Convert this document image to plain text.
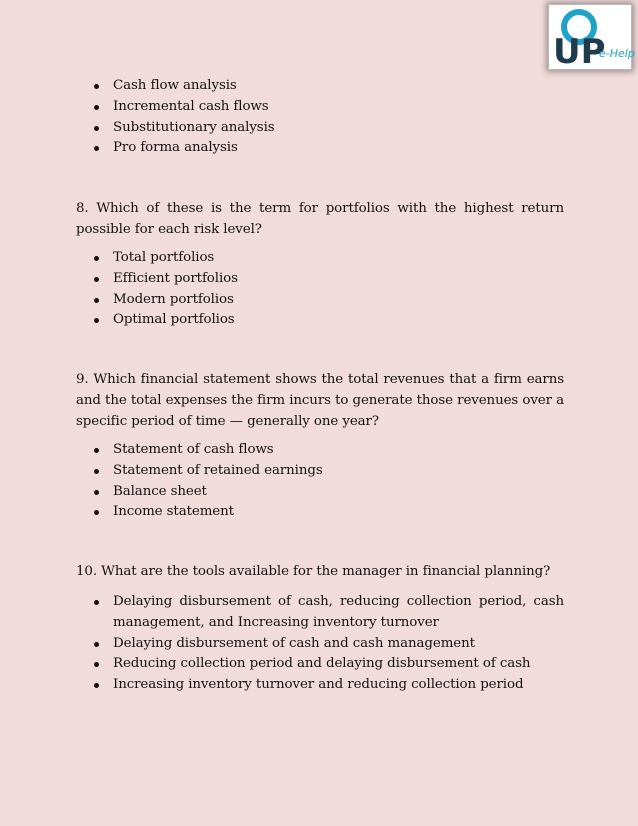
UP
e-Help
Cash flow analysis
Incremental cash flows
Substitutionary analysis
Pro forma analysis

8. Which of these is the term for portfolios with the highest return possible for each risk level?

Total portfolios
Efficient portfolios
Modern portfolios
Optimal portfolios

9. Which financial statement shows the total revenues that a firm earns and the total expenses the firm incurs to generate those revenues over a specific period of time — generally one year?

Statement of cash flows
Statement of retained earnings
Balance sheet
Income statement

10. What are the tools available for the manager in financial planning?

Delaying disbursement of cash, reducing collection period, cash management, and Increasing inventory turnover
Delaying disbursement of cash and cash management
Reducing collection period and delaying disbursement of cash
Increasing inventory turnover and reducing collection period
